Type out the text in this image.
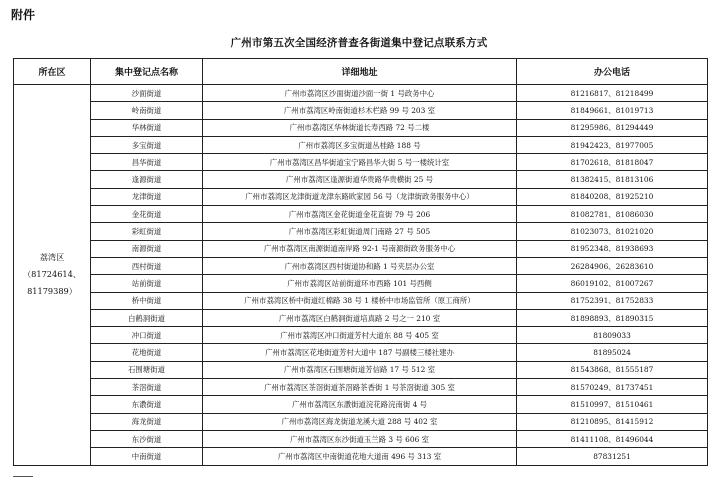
附件
广州市第五次全国经济普查各街道集中登记点联系方式
所在区	集中登记点名称	详细地址	办公电话
荔湾区
（81724614、
81179389）	沙面街道	广州市荔湾区沙面街道沙面一街 1 号政务中心	81216817、81218499
	岭南街道	广州市荔湾区岭南街道杉木栏路 99 号 203 室	81849661、81019713
	华林街道	广州市荔湾区华林街道长寿西路 72 号二楼	81295986、81294449
	多宝街道	广州市荔湾区多宝街道丛桂路 188 号	81942423、81977005
	昌华街道	广州市荔湾区昌华街道宝宁路昌华大街 5 号一楼统计室	81702618、81818047
	逢源街道	广州市荔湾区逢源街道华贵路华贵横街 25 号	81382415、81813106
	龙津街道	广州市荔湾区龙津街道龙津东路欧家园 56 号（龙津街政务服务中心）	81840208、81925210
	金花街道	广州市荔湾区金花街道金花直街 79 号 206	81082781、81086030
	彩虹街道	广州市荔湾区彩虹街道周门南路 27 号 505	81023073、81021020
	南源街道	广州市荔湾区南源街道南岸路 92-1 号南源街政务服务中心	81952348、81938693
	西村街道	广州市荔湾区西村街道协和路 1 号夹层办公室	26284906、26283610
	站前街道	广州市荔湾区站前街道环市西路 101 号西侧	86019102、81007267
	桥中街道	广州市荔湾区桥中街道红棉路 38 号 1 楼桥中市场监管所（原工商所）	81752391、81752833
	白鹤洞街道	广州市荔湾区白鹤洞街道培真路 2 号之一 210 室	81898893、81890315
	冲口街道	广州市荔湾区冲口街道芳村大道东 88 号 405 室	81809033
	花地街道	广州市荔湾区花地街道芳村大道中 187 号副楼三楼社建办	81895024
	石围塘街道	广州市荔湾区石围塘街道芳信路 17 号 512 室	81543868、81555187
	茶滘街道	广州市荔湾区茶滘街道茶滘路茶香街 1 号茶滘街道 305 室	81570249、81737451
	东漖街道	广州市荔湾区东漖街道浣花路浣南街 4 号	81510997、81510461
	海龙街道	广州市荔湾区海龙街道龙溪大道 288 号 402 室	81210895、81415912
	东沙街道	广州市荔湾区东沙街道玉兰路 3 号 606 室	81411108、81496044
	中南街道	广州市荔湾区中南街道花地大道南 496 号 313 室	87831251
